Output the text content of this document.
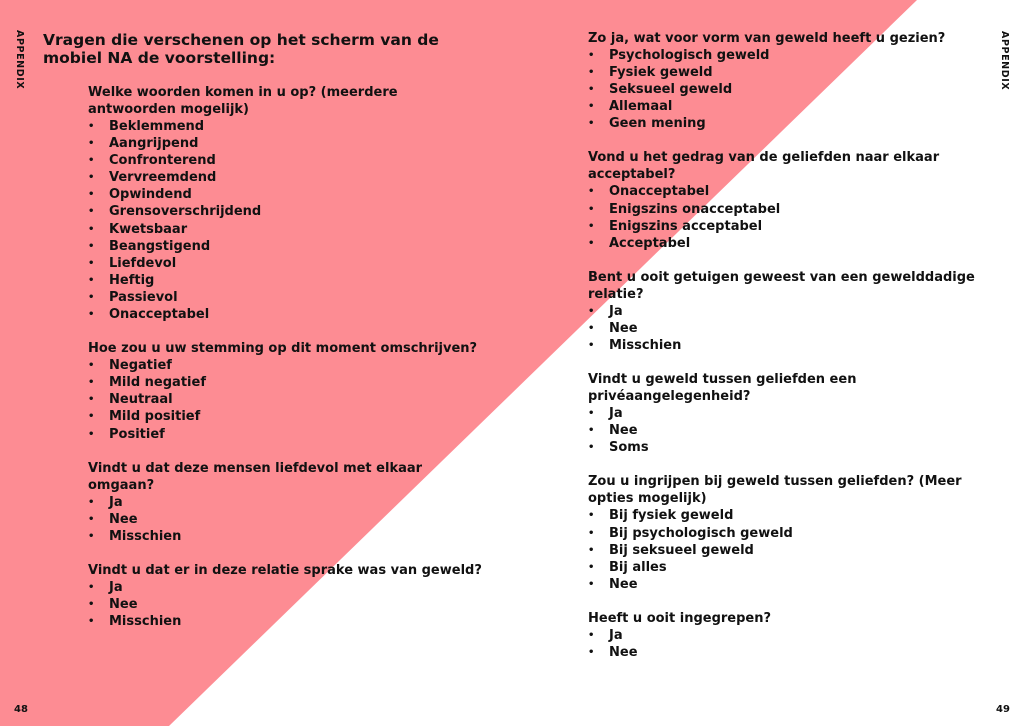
APPENDIX	APPENDIX
Vragen die verschenen op het scherm van de mobiel NA de voorstelling:

Welke woorden komen in u op? (meerdere antwoorden mogelijk)

• Beklemmend
• Aangrijpend
• Confronterend
• Vervreemdend
• Opwindend
• Grensoverschrijdend
• Kwetsbaar
• Beangstigend
• Liefdevol
• Heftig
• Passievol
• Onacceptabel

Hoe zou u uw stemming op dit moment omschrijven?

• Negatief
• Mild negatief
• Neutraal
• Mild positief
• Positief

Vindt u dat deze mensen liefdevol met elkaar omgaan?

• Ja
• Nee
• Misschien

Vindt u dat er in deze relatie sprake was van geweld?

• Ja
• Nee
• Misschien

Zo ja, wat voor vorm van geweld heeft u gezien?

• Psychologisch geweld
• Fysiek geweld
• Seksueel geweld
• Allemaal
• Geen mening

Vond u het gedrag van de geliefden naar elkaar acceptabel?

• Onacceptabel
• Enigszins onacceptabel
• Enigszins acceptabel
• Acceptabel

Bent u ooit getuigen geweest van een gewelddadige relatie?

• Ja
• Nee
• Misschien

Vindt u geweld tussen geliefden een privéaangelegenheid?

• Ja
• Nee
• Soms

Zou u ingrijpen bij geweld tussen geliefden? (Meer opties mogelijk)

• Bij fysiek geweld
• Bij psychologisch geweld
• Bij seksueel geweld
• Bij alles
• Nee

Heeft u ooit ingegrepen?

• Ja
• Nee
48	49
